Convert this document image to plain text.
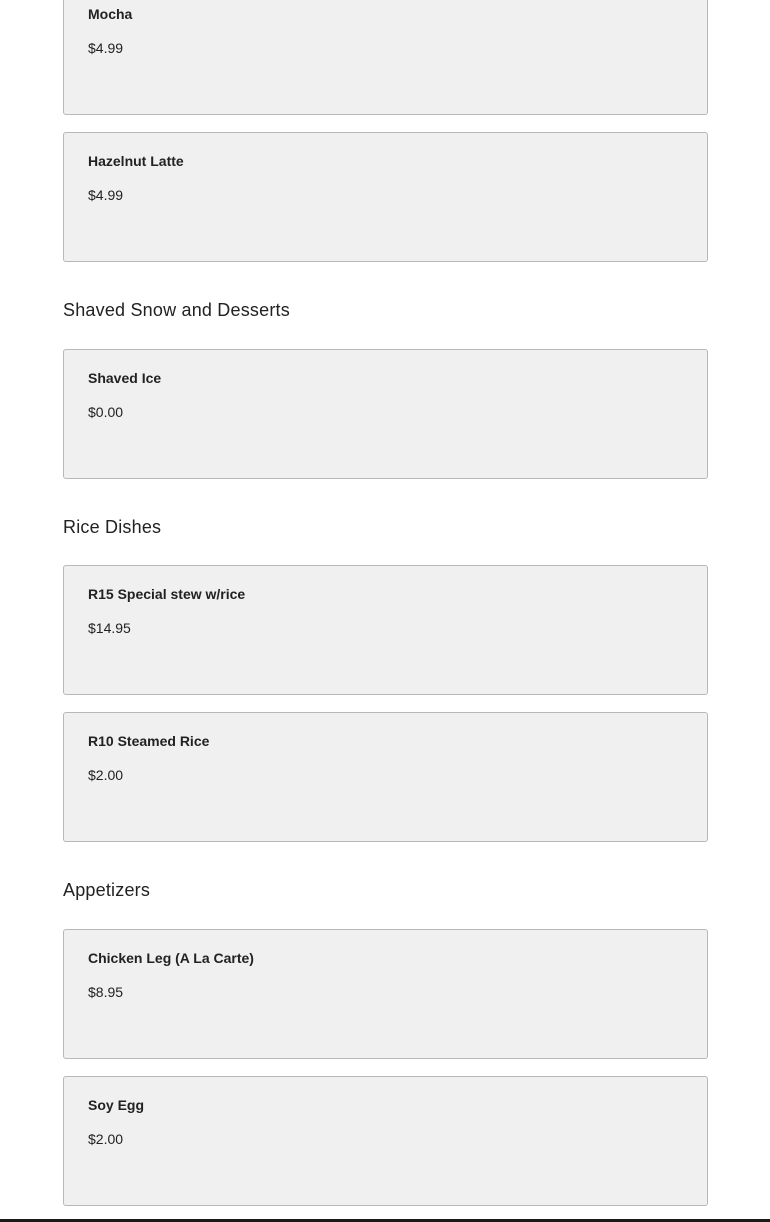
Mocha
$4.99
Hazelnut Latte
$4.99
Shaved Snow and Desserts
Shaved Ice
$0.00
Rice Dishes
R15 Special stew w/rice
$14.95
R10 Steamed Rice
$2.00
Appetizers
Chicken Leg (A La Carte)
$8.95
Soy Egg
$2.00
